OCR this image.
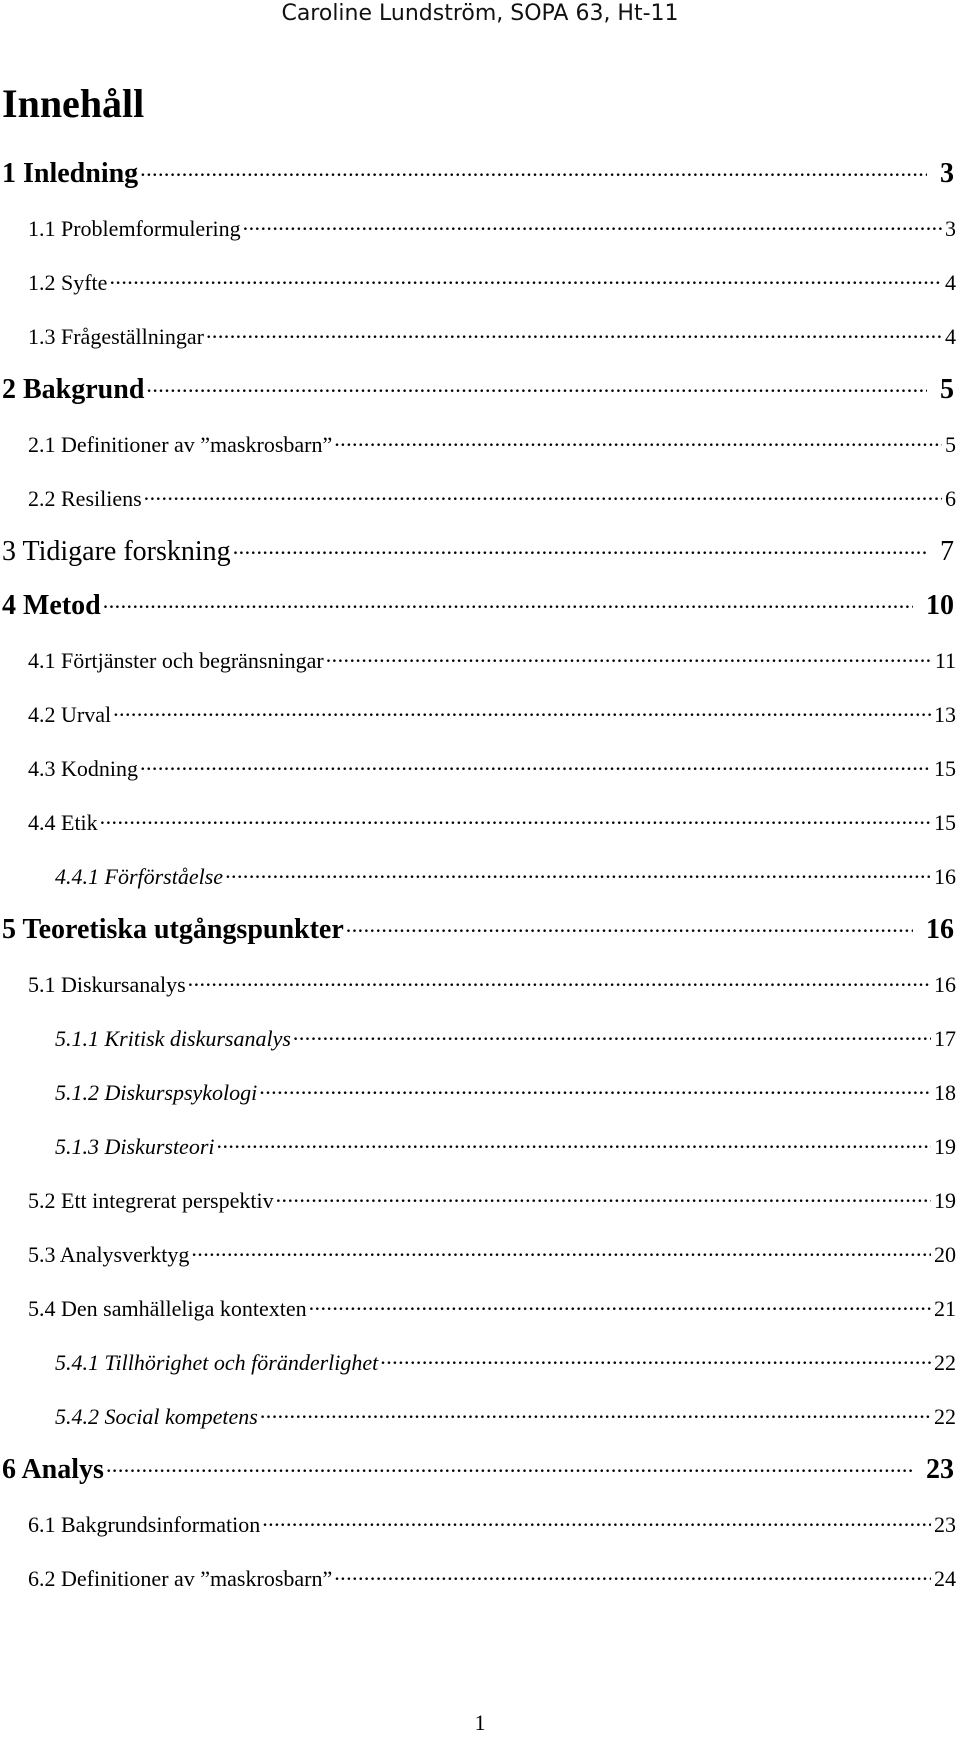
Caroline Lundström, SOPA 63, Ht-11
Innehåll
1 Inledning .....	3
1.1 Problemformulering .....	3
1.2 Syfte .....	4
1.3 Frågeställningar .....	4
2 Bakgrund .....	5
2.1 Definitioner av ”maskrosbarn” .....	5
2.2 Resiliens .....	6
3 Tidigare forskning .....	7
4 Metod .....	10
4.1 Förtjänster och begränsningar .....	11
4.2 Urval .....	13
4.3 Kodning .....	15
4.4 Etik .....	15
4.4.1 Förförståelse .....	16
5 Teoretiska utgångspunkter .....	16
5.1 Diskursanalys .....	16
5.1.1 Kritisk diskursanalys .....	17
5.1.2 Diskurspsykologi .....	18
5.1.3 Diskursteori .....	19
5.2 Ett integrerat perspektiv .....	19
5.3 Analysverktyg .....	20
5.4 Den samhälleliga kontexten .....	21
5.4.1 Tillhörighet och föränderlighet .....	22
5.4.2 Social kompetens .....	22
6 Analys .....	23
6.1 Bakgrundsinformation .....	23
6.2 Definitioner av ”maskrosbarn” .....	24
1
